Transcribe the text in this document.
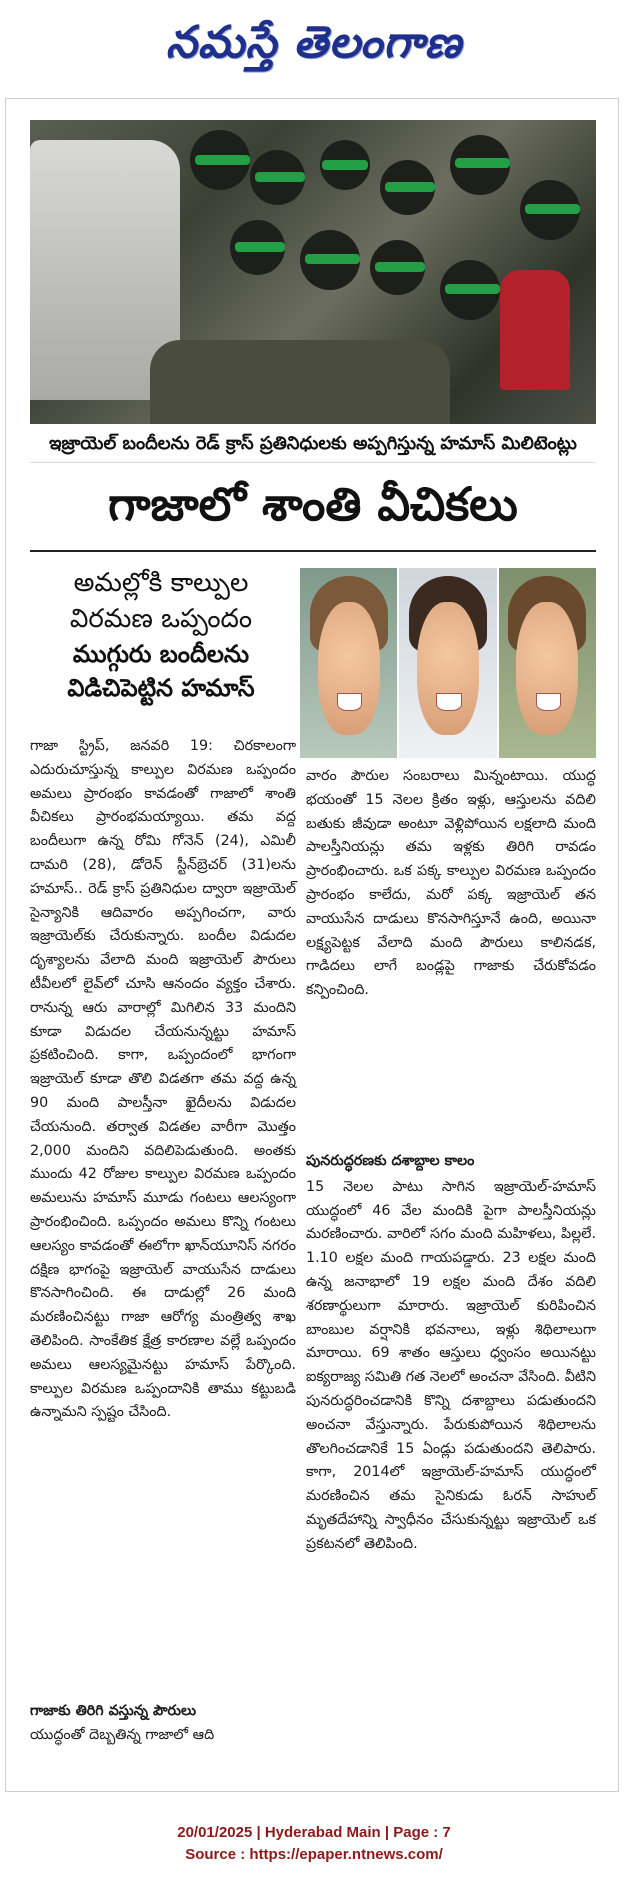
నమస్తే తెలంగాణ
ఇజ్రాయెల్ బందీలను రెడ్ క్రాస్ ప్రతినిధులకు అప్పగిస్తున్న హమాస్ మిలిటెంట్లు
గాజాలో శాంతి వీచికలు
అమల్లోకి కాల్పుల
విరమణ ఒప్పందం
ముగ్గురు బందీలను
విడిచిపెట్టిన హమాస్

గాజా స్ట్రిప్, జనవరి 19: చిరకాలంగా ఎదురుచూస్తున్న కాల్పుల విరమణ ఒప్పందం అమలు ప్రారంభం కావడంతో గాజాలో శాంతి వీచికలు ప్రారంభమయ్యాయి. తమ వద్ద బందీలుగా ఉన్న రోమి గోనెన్ (24), ఎమిలీ దామరి (28), డోరెన్ స్టీన్‌బ్రెచర్ (31)లను హమాస్.. రెడ్ క్రాస్ ప్రతినిధుల ద్వారా ఇజ్రాయెల్ సైన్యానికి ఆదివారం అప్పగించగా, వారు ఇజ్రాయెల్‌కు చేరుకున్నారు. బందీల విడుదల దృశ్యాలను వేలాది మంది ఇజ్రాయెల్ పౌరులు టీవీలలో లైవ్‌లో చూసి ఆనందం వ్యక్తం చేశారు. రానున్న ఆరు వారాల్లో మిగిలిన 33 మందిని కూడా విడుదల చేయనున్నట్టు హమాస్ ప్రకటించింది. కాగా, ఒప్పందంలో భాగంగా ఇజ్రాయెల్ కూడా తొలి విడతగా తమ వద్ద ఉన్న 90 మంది పాలస్తీనా ఖైదీలను విడుదల చేయనుంది. తర్వాత విడతల వారీగా మొత్తం 2,000 మందిని వదిలిపెడుతుంది. అంతకు ముందు 42 రోజుల కాల్పుల విరమణ ఒప్పందం అమలును హమాస్ మూడు గంటలు ఆలస్యంగా ప్రారంభించింది. ఒప్పందం అమలు కొన్ని గంటలు ఆలస్యం కావడంతో ఈలోగా ఖాన్‌యూనిస్ నగరం దక్షిణ భాగంపై ఇజ్రాయెల్ వాయుసేన దాడులు కొనసాగించింది. ఈ దాడుల్లో 26 మంది మరణించినట్టు గాజా ఆరోగ్య మంత్రిత్వ శాఖ తెలిపింది. సాంకేతిక క్షేత్ర కారణాల వల్లే ఒప్పందం అమలు ఆలస్యమైనట్టు హమాస్ పేర్కొంది. కాల్పుల విరమణ ఒప్పందానికి తాము కట్టుబడి ఉన్నామని స్పష్టం చేసింది.

వారం పౌరుల సంబరాలు మిన్నంటాయి. యుద్ధ భయంతో 15 నెలల క్రితం ఇళ్లు, ఆస్తులను వదిలి బతుకు జీవుడా అంటూ వెళ్లిపోయిన లక్షలాది మంది పాలస్తీనియన్లు తమ ఇళ్లకు తిరిగి రావడం ప్రారంభించారు. ఒక పక్క కాల్పుల విరమణ ఒప్పందం ప్రారంభం కాలేదు, మరో పక్క ఇజ్రాయెల్ తన వాయుసేన దాడులు కొనసాగిస్తూనే ఉంది, అయినా లక్ష్యపెట్టక వేలాది మంది పౌరులు కాలినడక, గాడిదలు లాగే బండ్లపై గాజాకు చేరుకోవడం కన్పించింది.

పునరుద్ధరణకు దశాబ్దాల కాలం

15 నెలల పాటు సాగిన ఇజ్రాయెల్-హమాస్ యుద్ధంలో 46 వేల మందికి పైగా పాలస్తీనియన్లు మరణించారు. వారిలో సగం మంది మహిళలు, పిల్లలే. 1.10 లక్షల మంది గాయపడ్డారు. 23 లక్షల మంది ఉన్న జనాభాలో 19 లక్షల మంది దేశం వదిలి శరణార్థులుగా మారారు. ఇజ్రాయెల్ కురిపించిన బాంబుల వర్షానికి భవనాలు, ఇళ్లు శిథిలాలుగా మారాయి. 69 శాతం ఆస్తులు ధ్వంసం అయినట్టు ఐక్యరాజ్య సమితి గత నెలలో అంచనా వేసింది. వీటిని పునరుద్ధరించడానికి కొన్ని దశాబ్దాలు పడుతుందని అంచనా వేస్తున్నారు. పేరుకుపోయిన శిథిలాలను తొలగించడానికే 15 ఏండ్లు పడుతుందని తెలిపారు. కాగా, 2014లో ఇజ్రాయెల్-హమాస్ యుద్ధంలో మరణించిన తమ సైనికుడు ఓరన్ సాహుల్ మృతదేహాన్ని స్వాధీనం చేసుకున్నట్టు ఇజ్రాయెల్ ఒక ప్రకటనలో తెలిపింది.

గాజాకు తిరిగి వస్తున్న పౌరులు

యుద్ధంతో దెబ్బతిన్న గాజాలో ఆది

20/01/2025 | Hyderabad Main | Page : 7
Source : https://epaper.ntnews.com/
